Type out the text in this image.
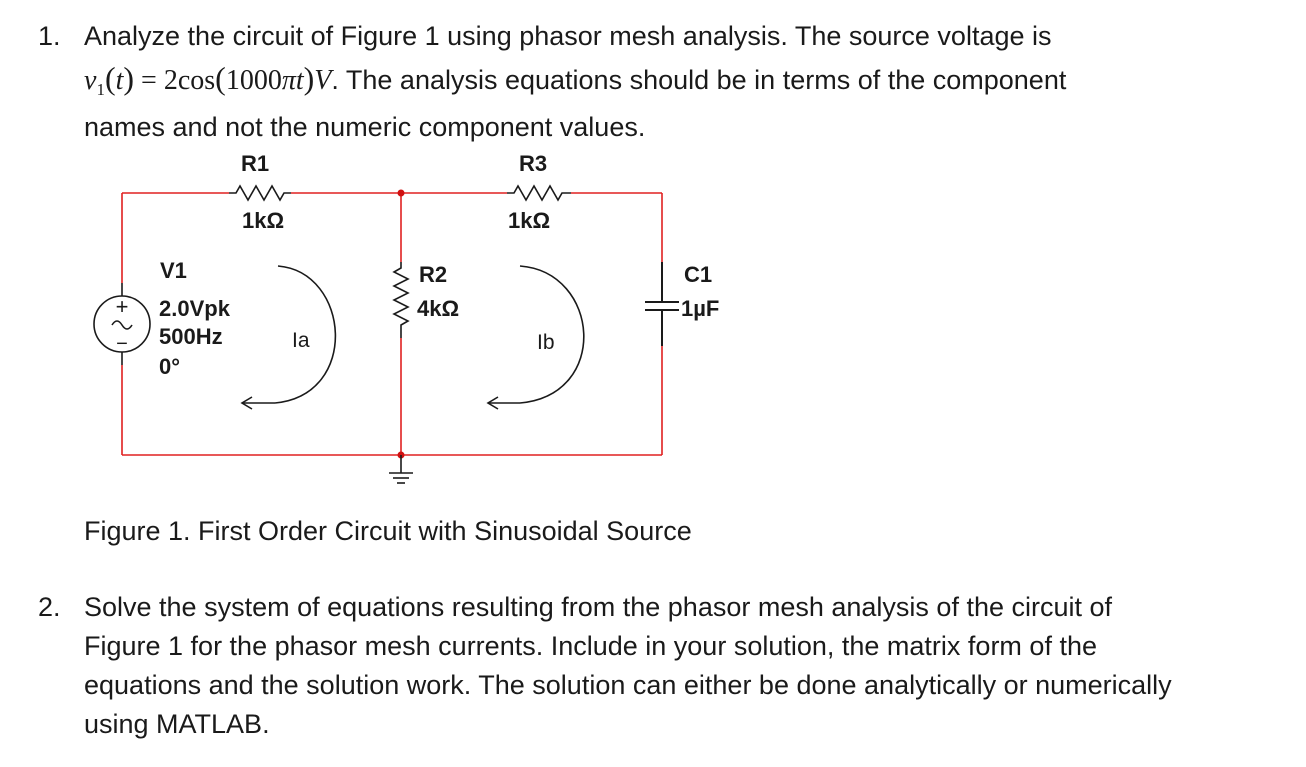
1. Analyze the circuit of Figure 1 using phasor mesh analysis. The source voltage is
$v_1(t) = 2\cos(1000\pi t)V$. The analysis equations should be in terms of the component
names and not the numeric component values.
+
−
R1
1kΩ
R3
1kΩ
V1
2.0Vpk
500Hz
0°
R2
4kΩ
C1
1µF
Ia	Ib
Figure 1. First Order Circuit with Sinusoidal Source
2. Solve the system of equations resulting from the phasor mesh analysis of the circuit of
Figure 1 for the phasor mesh currents. Include in your solution, the matrix form of the
equations and the solution work. The solution can either be done analytically or numerically
using MATLAB.
